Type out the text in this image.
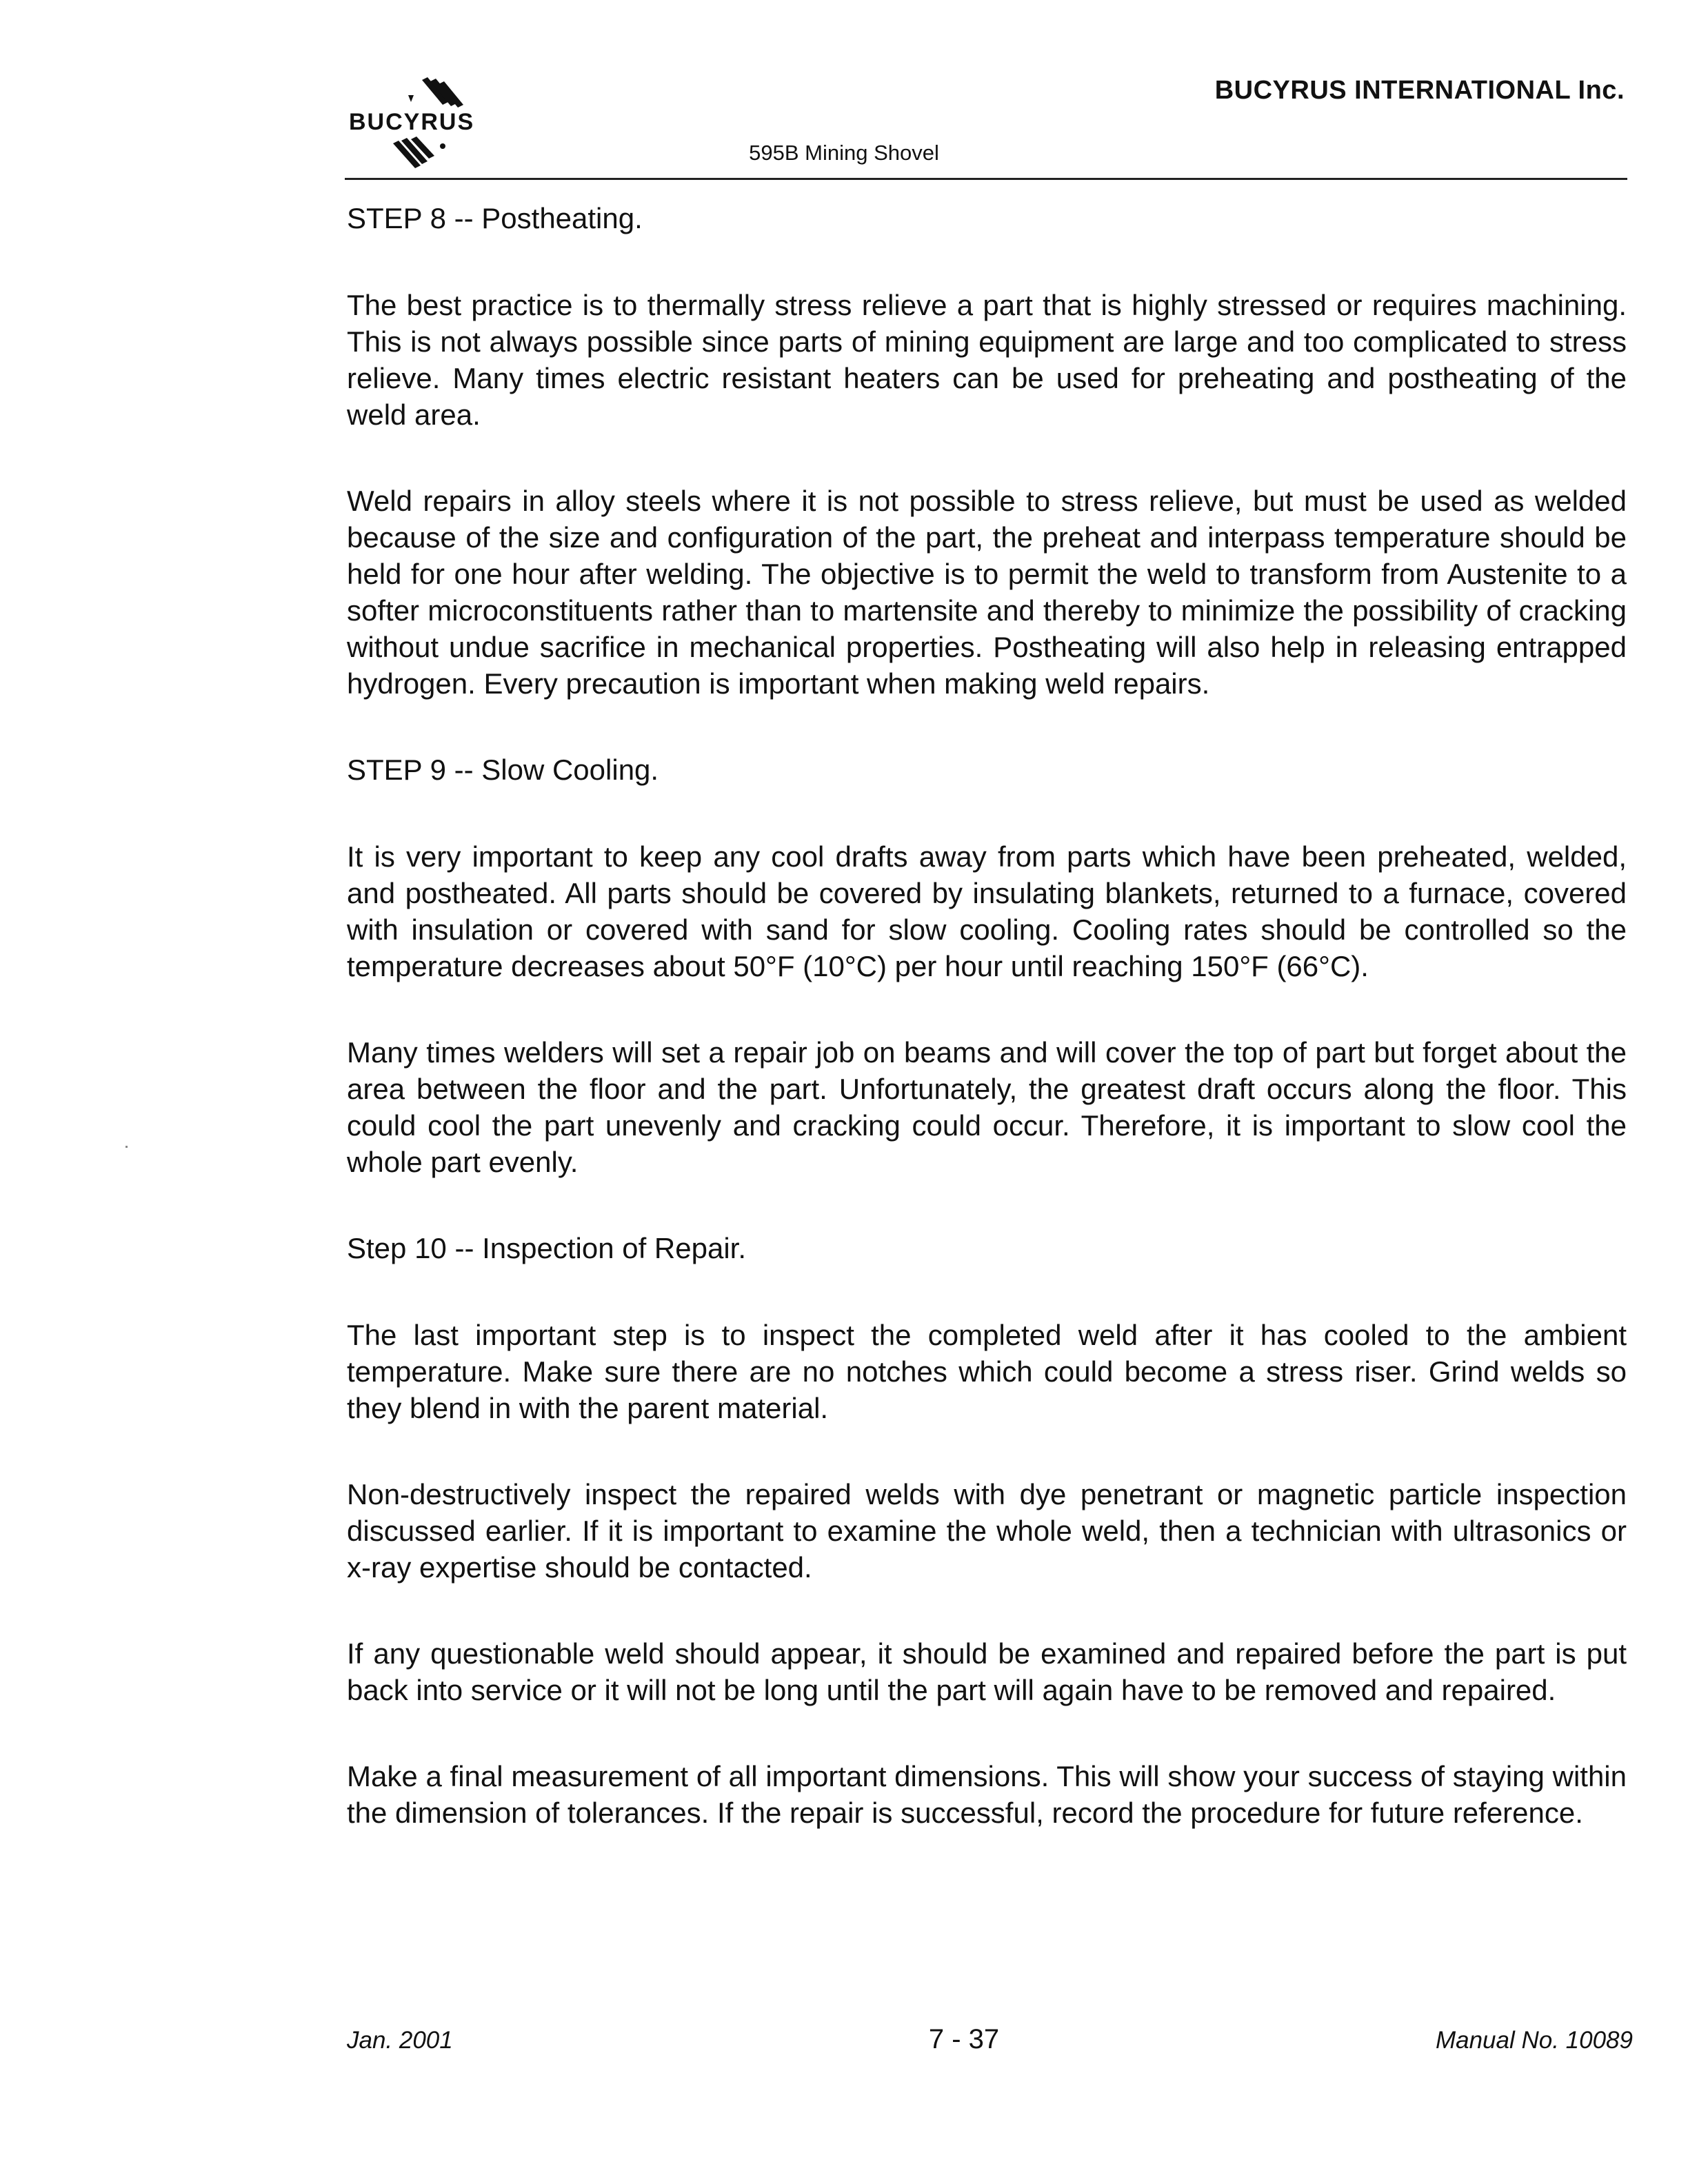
BUCYRUS
BUCYRUS INTERNATIONAL Inc.
595B Mining Shovel
STEP 8 -- Postheating.

The best practice is to thermally stress relieve a part that is highly stressed or requires machining. This is not always possible since parts of mining equipment are large and too complicated to stress relieve. Many times electric resistant heaters can be used for preheating and postheating of the weld area.

Weld repairs in alloy steels where it is not possible to stress relieve, but must be used as welded because of the size and configuration of the part, the preheat and interpass temperature should be held for one hour after welding. The objective is to permit the weld to transform from Austenite to a softer microconstituents rather than to martensite and thereby to minimize the possibility of cracking without undue sacrifice in mechanical properties. Postheating will also help in releasing entrapped hydrogen. Every precaution is important when making weld repairs.

STEP 9 -- Slow Cooling.

It is very important to keep any cool drafts away from parts which have been preheated, welded, and postheated. All parts should be covered by insulating blankets, returned to a furnace, covered with insulation or covered with sand for slow cooling. Cooling rates should be controlled so the temperature decreases about 50°F (10°C) per hour until reaching 150°F (66°C).

Many times welders will set a repair job on beams and will cover the top of part but forget about the area between the floor and the part. Unfortunately, the greatest draft occurs along the floor. This could cool the part unevenly and cracking could occur. Therefore, it is important to slow cool the whole part evenly.

Step 10 -- Inspection of Repair.

The last important step is to inspect the completed weld after it has cooled to the ambient temperature. Make sure there are no notches which could become a stress riser. Grind welds so they blend in with the parent material.

Non-destructively inspect the repaired welds with dye penetrant or magnetic particle inspection discussed earlier. If it is important to examine the whole weld, then a technician with ultrasonics or x-ray expertise should be contacted.

If any questionable weld should appear, it should be examined and repaired before the part is put back into service or it will not be long until the part will again have to be removed and repaired.

Make a final measurement of all important dimensions. This will show your success of staying within the dimension of tolerances. If the repair is successful, record the procedure for future reference.

Jan. 2001	7 - 37	Manual No. 10089
